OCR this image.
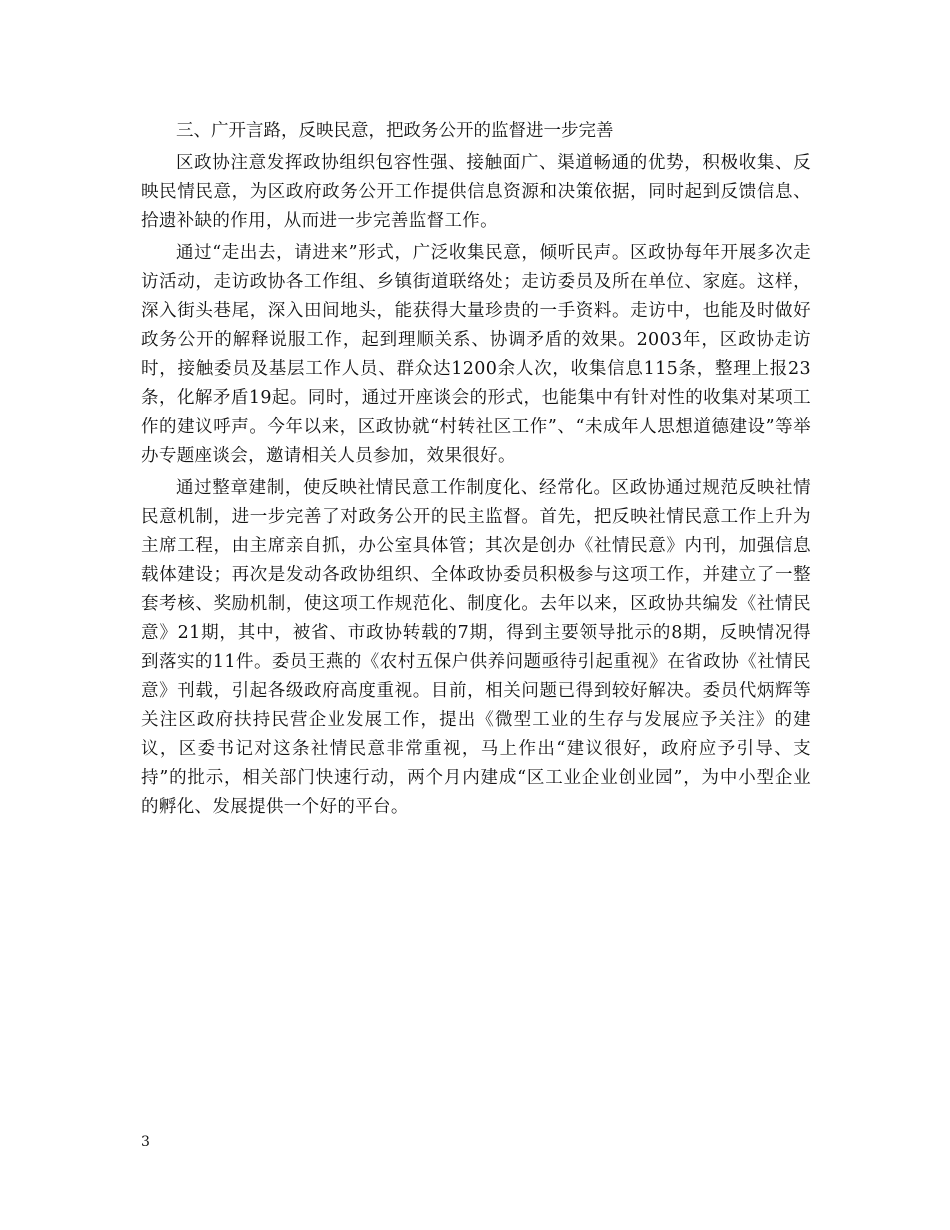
三、广开言路，反映民意，把政务公开的监督进一步完善

区政协注意发挥政协组织包容性强、接触面广、渠道畅通的优势，积极收集、反映民情民意，为区政府政务公开工作提供信息资源和决策依据，同时起到反馈信息、拾遗补缺的作用，从而进一步完善监督工作。

通过“走出去，请进来”形式，广泛收集民意，倾听民声。区政协每年开展多次走访活动，走访政协各工作组、乡镇街道联络处；走访委员及所在单位、家庭。这样，深入街头巷尾，深入田间地头，能获得大量珍贵的一手资料。走访中，也能及时做好政务公开的解释说服工作，起到理顺关系、协调矛盾的效果。2003年，区政协走访时，接触委员及基层工作人员、群众达1200余人次，收集信息115条，整理上报23条，化解矛盾19起。同时，通过开座谈会的形式，也能集中有针对性的收集对某项工作的建议呼声。今年以来，区政协就“村转社区工作”、“未成年人思想道德建设”等举办专题座谈会，邀请相关人员参加，效果很好。

通过整章建制，使反映社情民意工作制度化、经常化。区政协通过规范反映社情民意机制，进一步完善了对政务公开的民主监督。首先，把反映社情民意工作上升为主席工程，由主席亲自抓，办公室具体管；其次是创办《社情民意》内刊，加强信息载体建设；再次是发动各政协组织、全体政协委员积极参与这项工作，并建立了一整套考核、奖励机制，使这项工作规范化、制度化。去年以来，区政协共编发《社情民意》21期，其中，被省、市政协转载的7期，得到主要领导批示的8期，反映情况得到落实的11件。委员王燕的《农村五保户供养问题亟待引起重视》在省政协《社情民意》刊载，引起各级政府高度重视。目前，相关问题已得到较好解决。委员代炳辉等关注区政府扶持民营企业发展工作，提出《微型工业的生存与发展应予关注》的建议，区委书记对这条社情民意非常重视，马上作出“建议很好，政府应予引导、支持”的批示，相关部门快速行动，两个月内建成“区工业企业创业园”，为中小型企业的孵化、发展提供一个好的平台。

3
